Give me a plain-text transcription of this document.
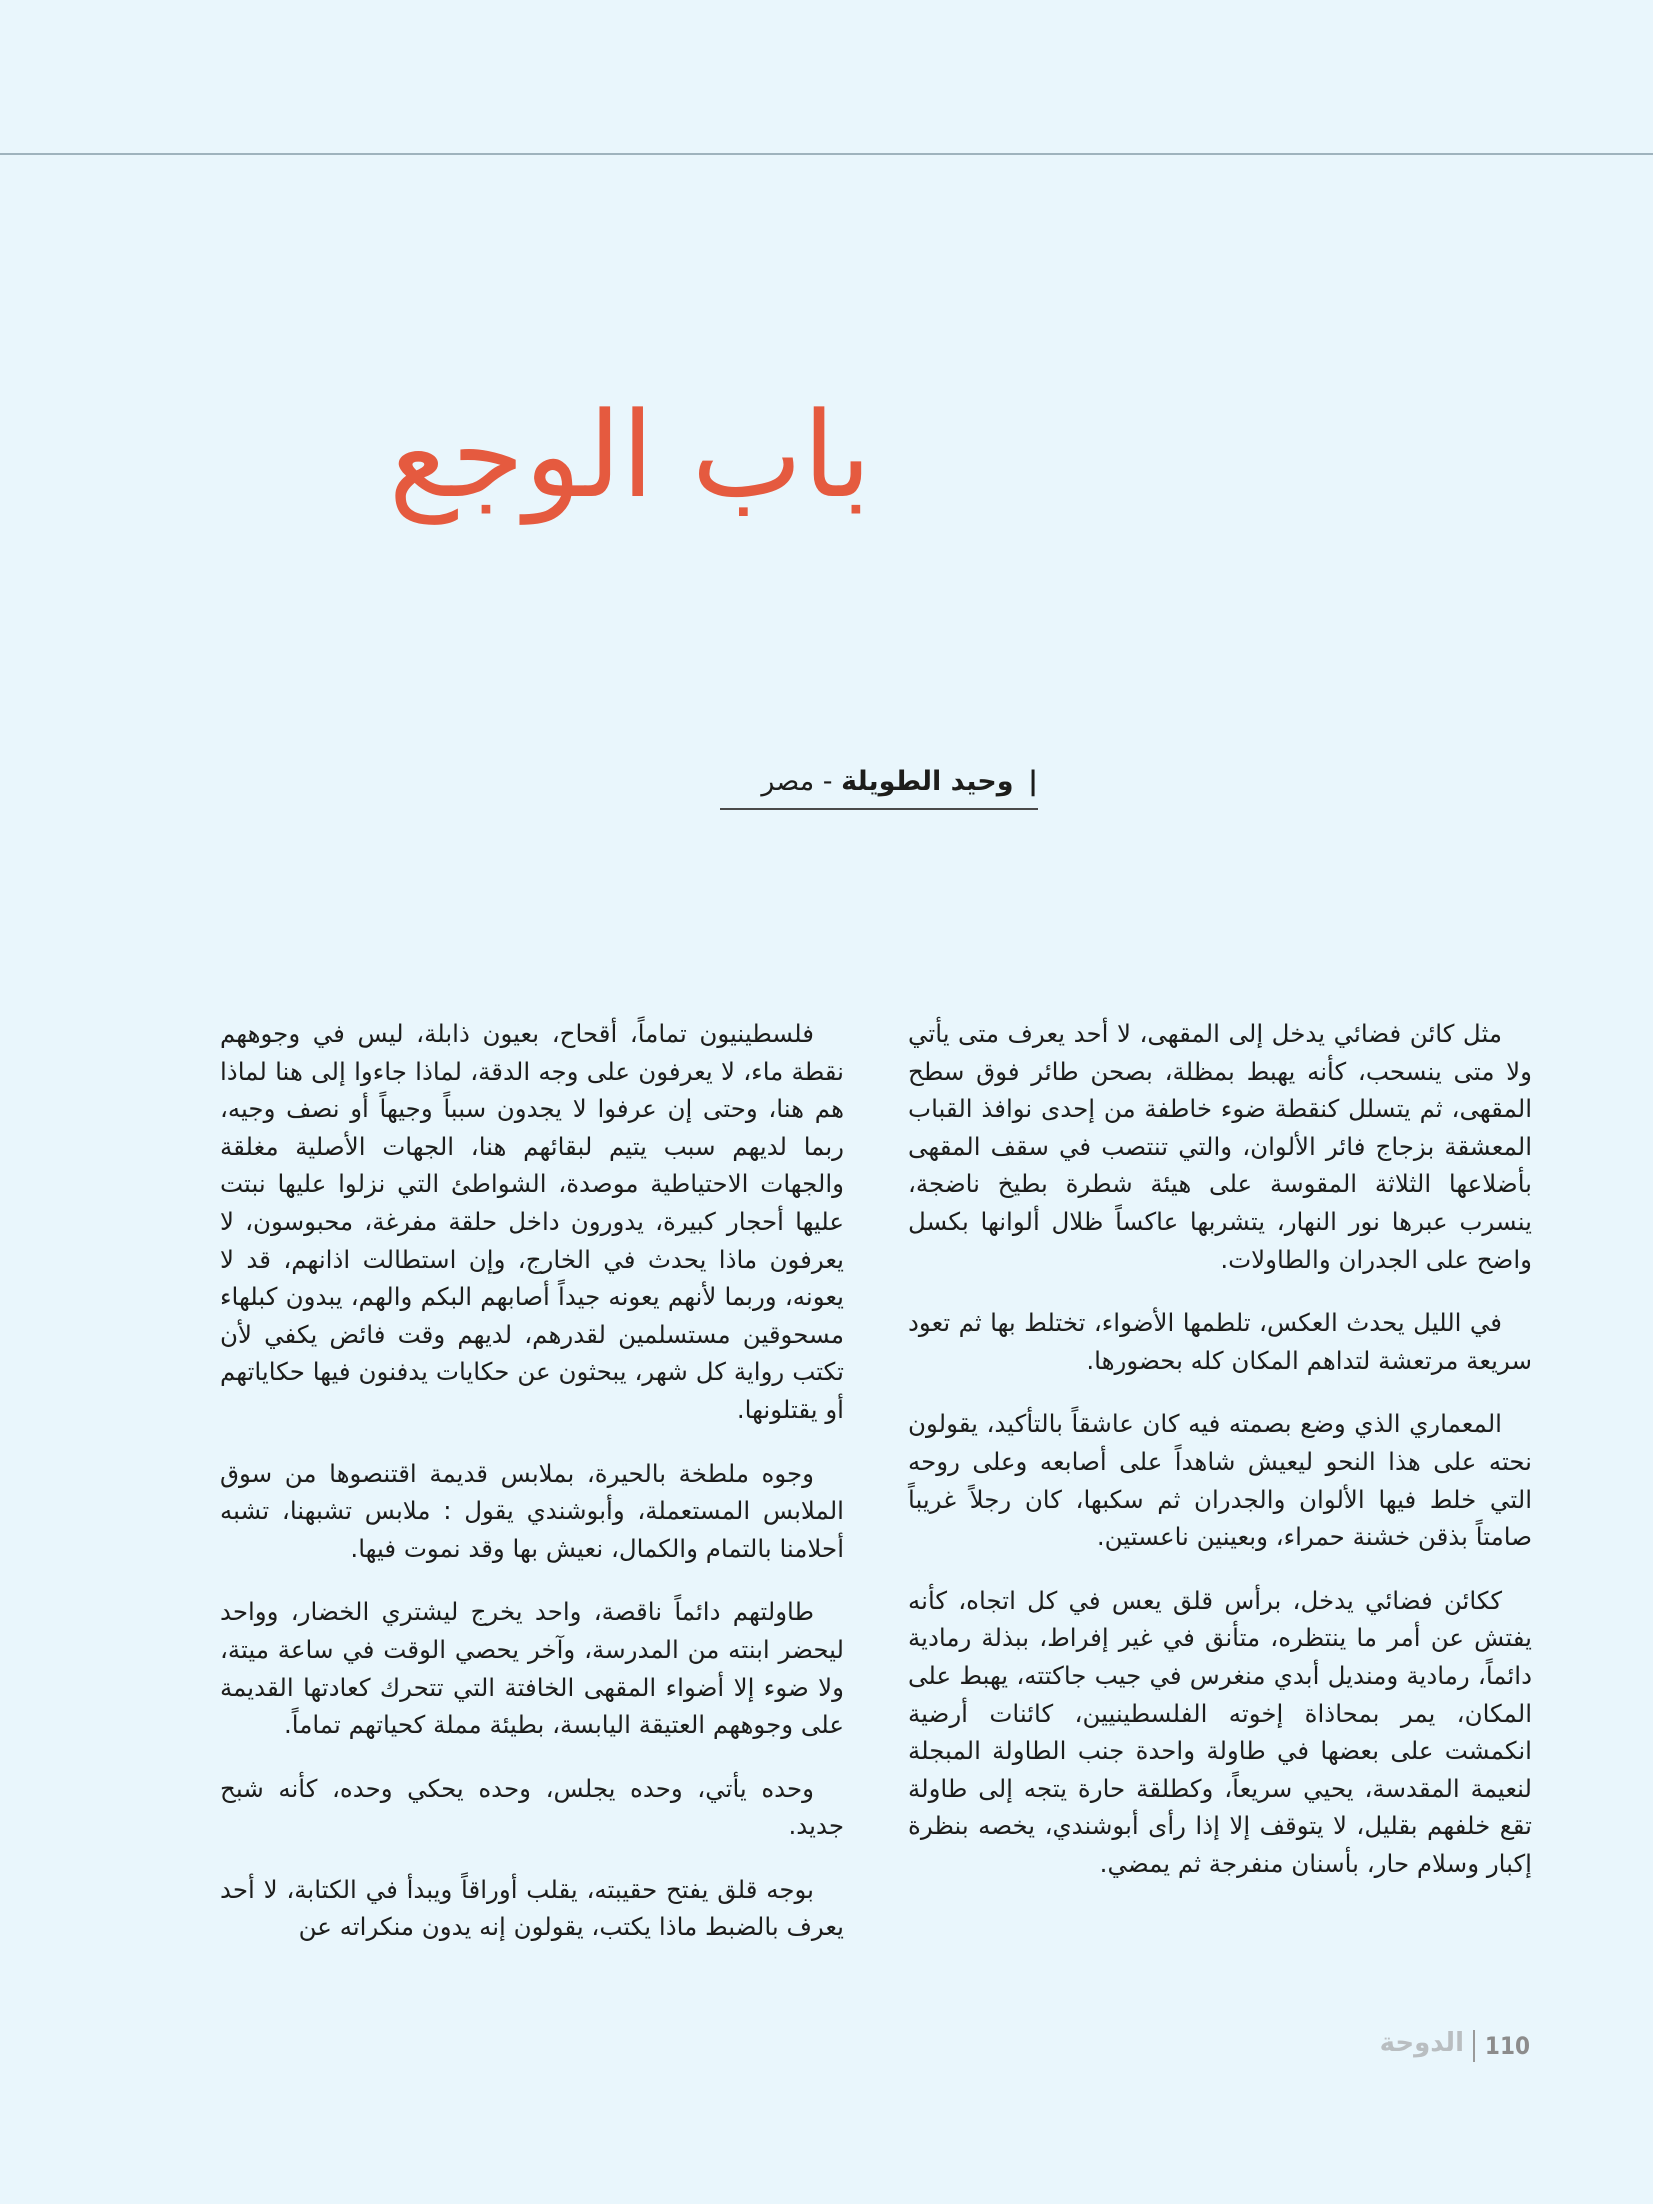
باب الوجع
| وحيد الطويلة - مصر

مثل كائن فضائي يدخل إلى المقهى، لا أحد يعرف متى يأتي ولا متى ينسحب، كأنه يهبط بمظلة، بصحن طائر فوق سطح المقهى، ثم يتسلل كنقطة ضوء خاطفة من إحدى نوافذ القباب المعشقة بزجاج فائر الألوان، والتي تنتصب في سقف المقهى بأضلاعها الثلاثة المقوسة على هيئة شطرة بطيخ ناضجة، ينسرب عبرها نور النهار، يتشربها عاكساً ظلال ألوانها بكسل واضح على الجدران والطاولات.

في الليل يحدث العكس، تلطمها الأضواء، تختلط بها ثم تعود سريعة مرتعشة لتداهم المكان كله بحضورها.

المعماري الذي وضع بصمته فيه كان عاشقاً بالتأكيد، يقولون نحته على هذا النحو ليعيش شاهداً على أصابعه وعلى روحه التي خلط فيها الألوان والجدران ثم سكبها، كان رجلاً غريباً صامتاً بذقن خشنة حمراء، وبعينين ناعستين.

ككائن فضائي يدخل، برأس قلق يعس في كل اتجاه، كأنه يفتش عن أمر ما ينتظره، متأنق في غير إفراط، ببذلة رمادية دائماً، رمادية ومنديل أبدي منغرس في جيب جاكتته، يهبط على المكان، يمر بمحاذاة إخوته الفلسطينيين، كائنات أرضية انكمشت على بعضها في طاولة واحدة جنب الطاولة المبجلة لنعيمة المقدسة، يحيي سريعاً، وكطلقة حارة يتجه إلى طاولة تقع خلفهم بقليل، لا يتوقف إلا إذا رأى أبوشندي، يخصه بنظرة إكبار وسلام حار، بأسنان منفرجة ثم يمضي.

فلسطينيون تماماً، أقحاح، بعيون ذابلة، ليس في وجوههم نقطة ماء، لا يعرفون على وجه الدقة، لماذا جاءوا إلى هنا لماذا هم هنا، وحتى إن عرفوا لا يجدون سبباً وجيهاً أو نصف وجيه، ربما لديهم سبب يتيم لبقائهم هنا، الجهات الأصلية مغلقة والجهات الاحتياطية موصدة، الشواطئ التي نزلوا عليها نبتت عليها أحجار كبيرة، يدورون داخل حلقة مفرغة، محبوسون، لا يعرفون ماذا يحدث في الخارج، وإن استطالت اذانهم، قد لا يعونه، وربما لأنهم يعونه جيداً أصابهم البكم والهم، يبدون كبلهاء مسحوقين مستسلمين لقدرهم، لديهم وقت فائض يكفي لأن تكتب رواية كل شهر، يبحثون عن حكايات يدفنون فيها حكاياتهم أو يقتلونها.

وجوه ملطخة بالحيرة، بملابس قديمة اقتنصوها من سوق الملابس المستعملة، وأبوشندي يقول : ملابس تشبهنا، تشبه أحلامنا بالتمام والكمال، نعيش بها وقد نموت فيها.

طاولتهم دائماً ناقصة، واحد يخرج ليشتري الخضار، وواحد ليحضر ابنته من المدرسة، وآخر يحصي الوقت في ساعة ميتة، ولا ضوء إلا أضواء المقهى الخافتة التي تتحرك كعادتها القديمة على وجوههم العتيقة اليابسة، بطيئة مملة كحياتهم تماماً.

وحده يأتي، وحده يجلس، وحده يحكي وحده، كأنه شبح جديد.

بوجه قلق يفتح حقيبته، يقلب أوراقاً ويبدأ في الكتابة، لا أحد يعرف بالضبط ماذا يكتب، يقولون إنه يدون منكراته عن

110
الدوحة
